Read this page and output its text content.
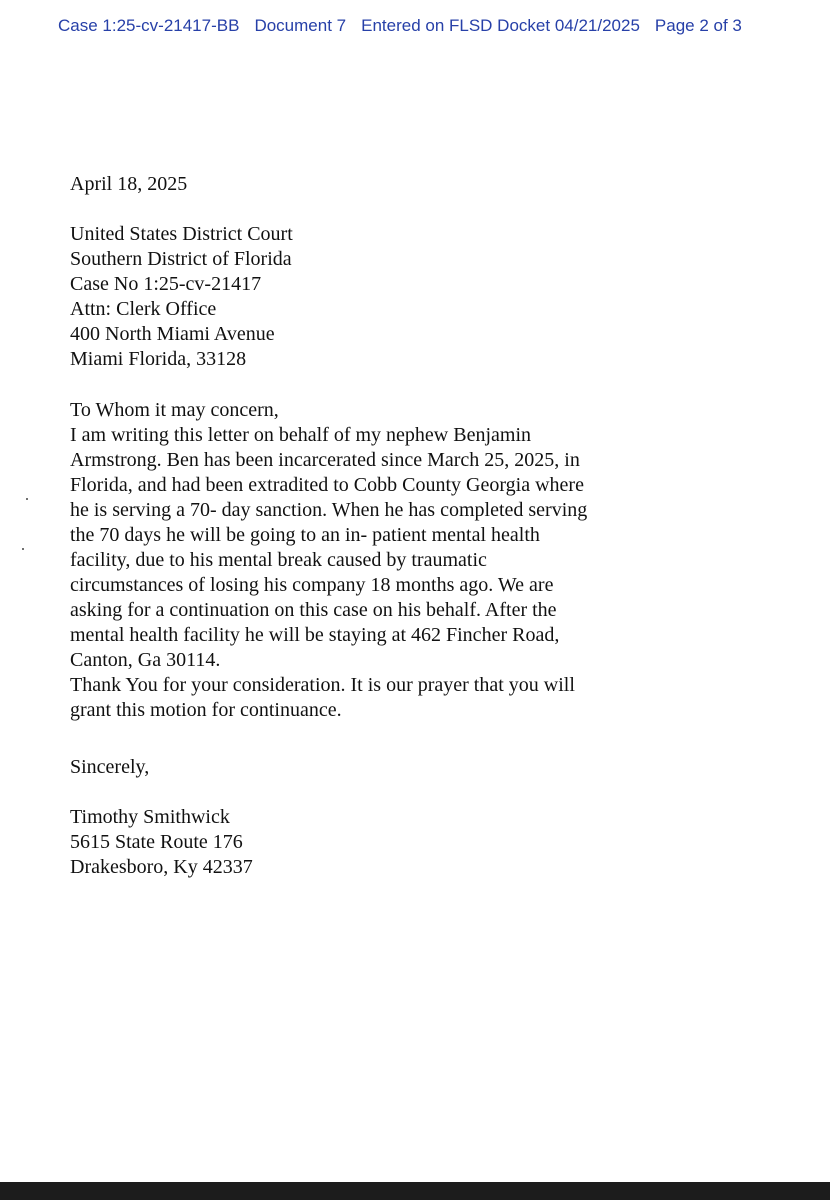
Case 1:25-cv-21417-BB Document 7 Entered on FLSD Docket 04/21/2025 Page 2 of 3
April 18, 2025
United States District Court
Southern District of Florida
Case No 1:25-cv-21417
Attn: Clerk Office
400 North Miami Avenue
Miami Florida, 33128
To Whom it may concern,
I am writing this letter on behalf of my nephew Benjamin
Armstrong. Ben has been incarcerated since March 25, 2025, in
Florida, and had been extradited to Cobb County Georgia where
he is serving a 70- day sanction. When he has completed serving
the 70 days he will be going to an in- patient mental health
facility, due to his mental break caused by traumatic
circumstances of losing his company 18 months ago. We are
asking for a continuation on this case on his behalf. After the
mental health facility he will be staying at 462 Fincher Road,
Canton, Ga 30114.
Thank You for your consideration. It is our prayer that you will
grant this motion for continuance.
Sincerely,
Timothy Smithwick
5615 State Route 176
Drakesboro, Ky 42337
